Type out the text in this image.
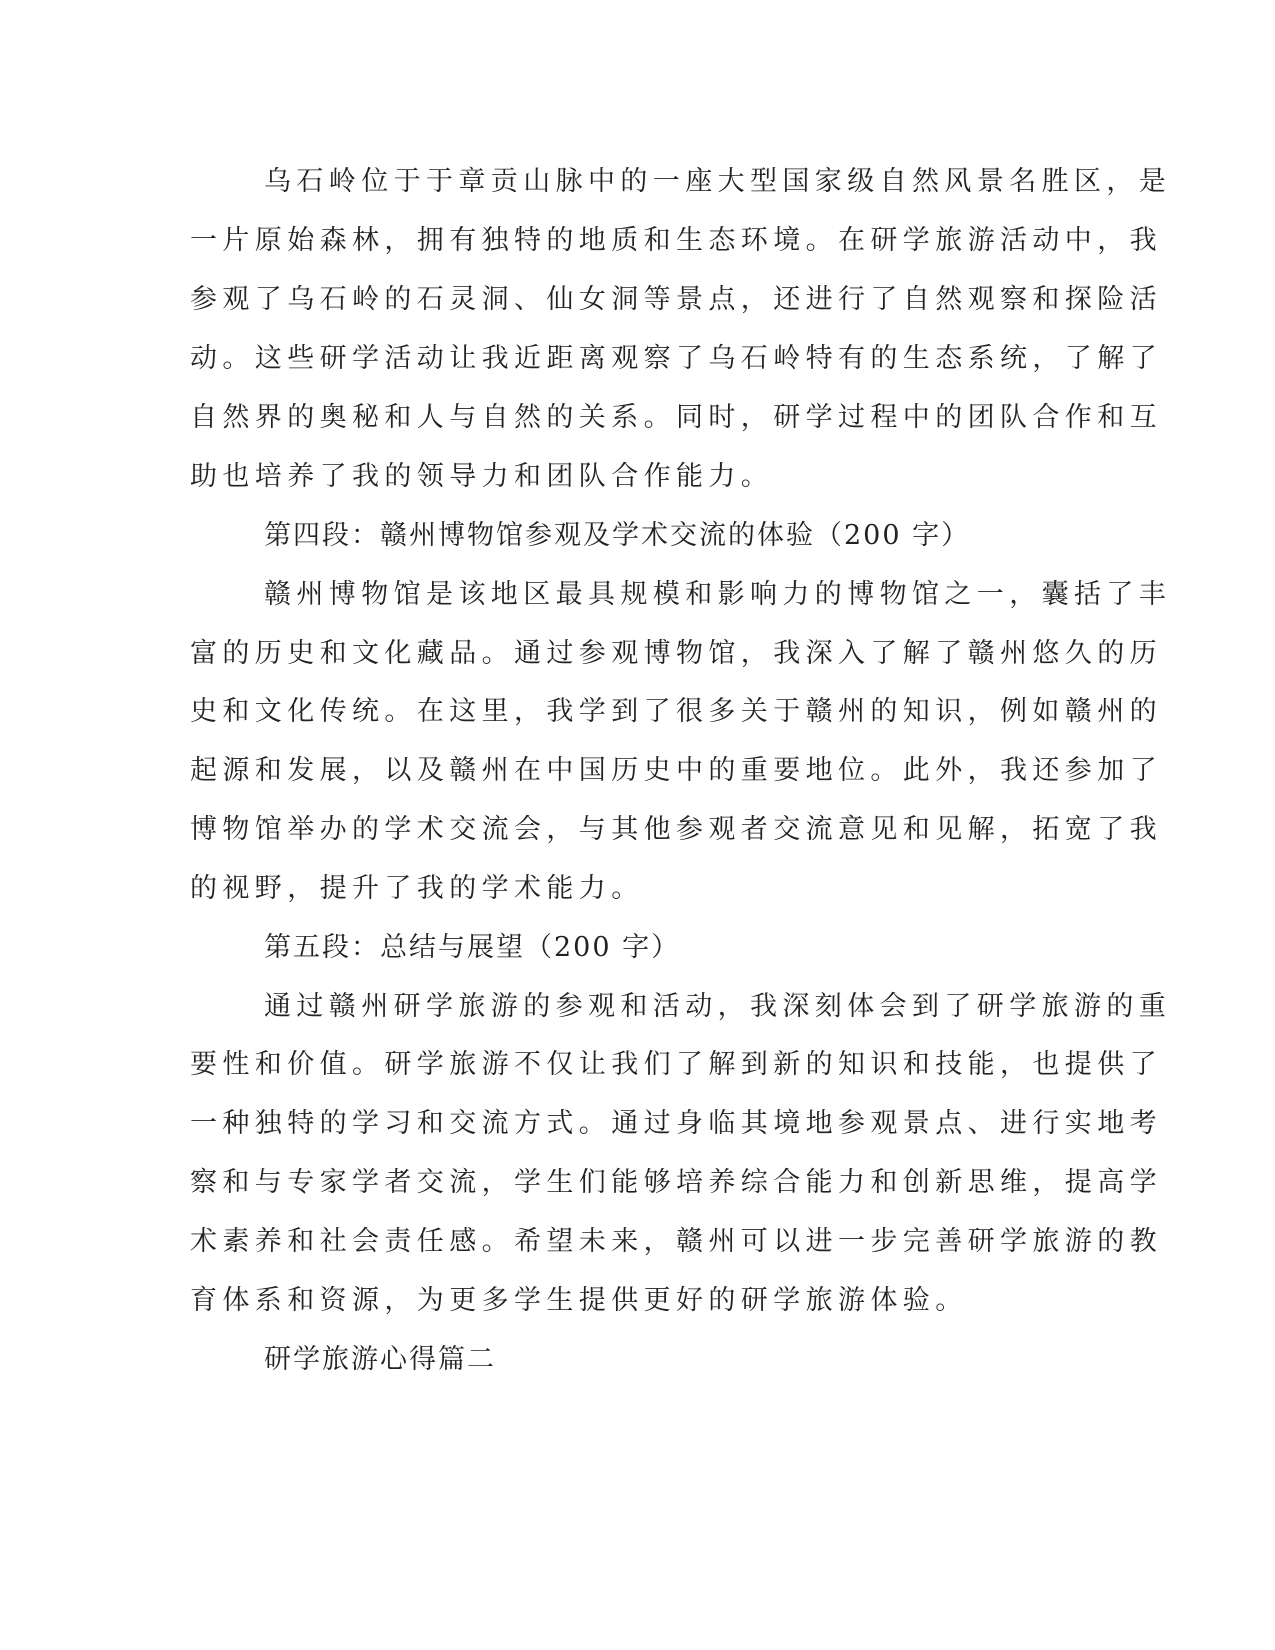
乌石岭位于于章贡山脉中的一座大型国家级自然风景名胜区，是
一片原始森林，拥有独特的地质和生态环境。在研学旅游活动中，我
参观了乌石岭的石灵洞、仙女洞等景点，还进行了自然观察和探险活
动。这些研学活动让我近距离观察了乌石岭特有的生态系统，了解了
自然界的奥秘和人与自然的关系。同时，研学过程中的团队合作和互
助也培养了我的领导力和团队合作能力。
第四段：赣州博物馆参观及学术交流的体验（200 字）
赣州博物馆是该地区最具规模和影响力的博物馆之一，囊括了丰
富的历史和文化藏品。通过参观博物馆，我深入了解了赣州悠久的历
史和文化传统。在这里，我学到了很多关于赣州的知识，例如赣州的
起源和发展，以及赣州在中国历史中的重要地位。此外，我还参加了
博物馆举办的学术交流会，与其他参观者交流意见和见解，拓宽了我
的视野，提升了我的学术能力。
第五段：总结与展望（200 字）
通过赣州研学旅游的参观和活动，我深刻体会到了研学旅游的重
要性和价值。研学旅游不仅让我们了解到新的知识和技能，也提供了
一种独特的学习和交流方式。通过身临其境地参观景点、进行实地考
察和与专家学者交流，学生们能够培养综合能力和创新思维，提高学
术素养和社会责任感。希望未来，赣州可以进一步完善研学旅游的教
育体系和资源，为更多学生提供更好的研学旅游体验。
研学旅游心得篇二
